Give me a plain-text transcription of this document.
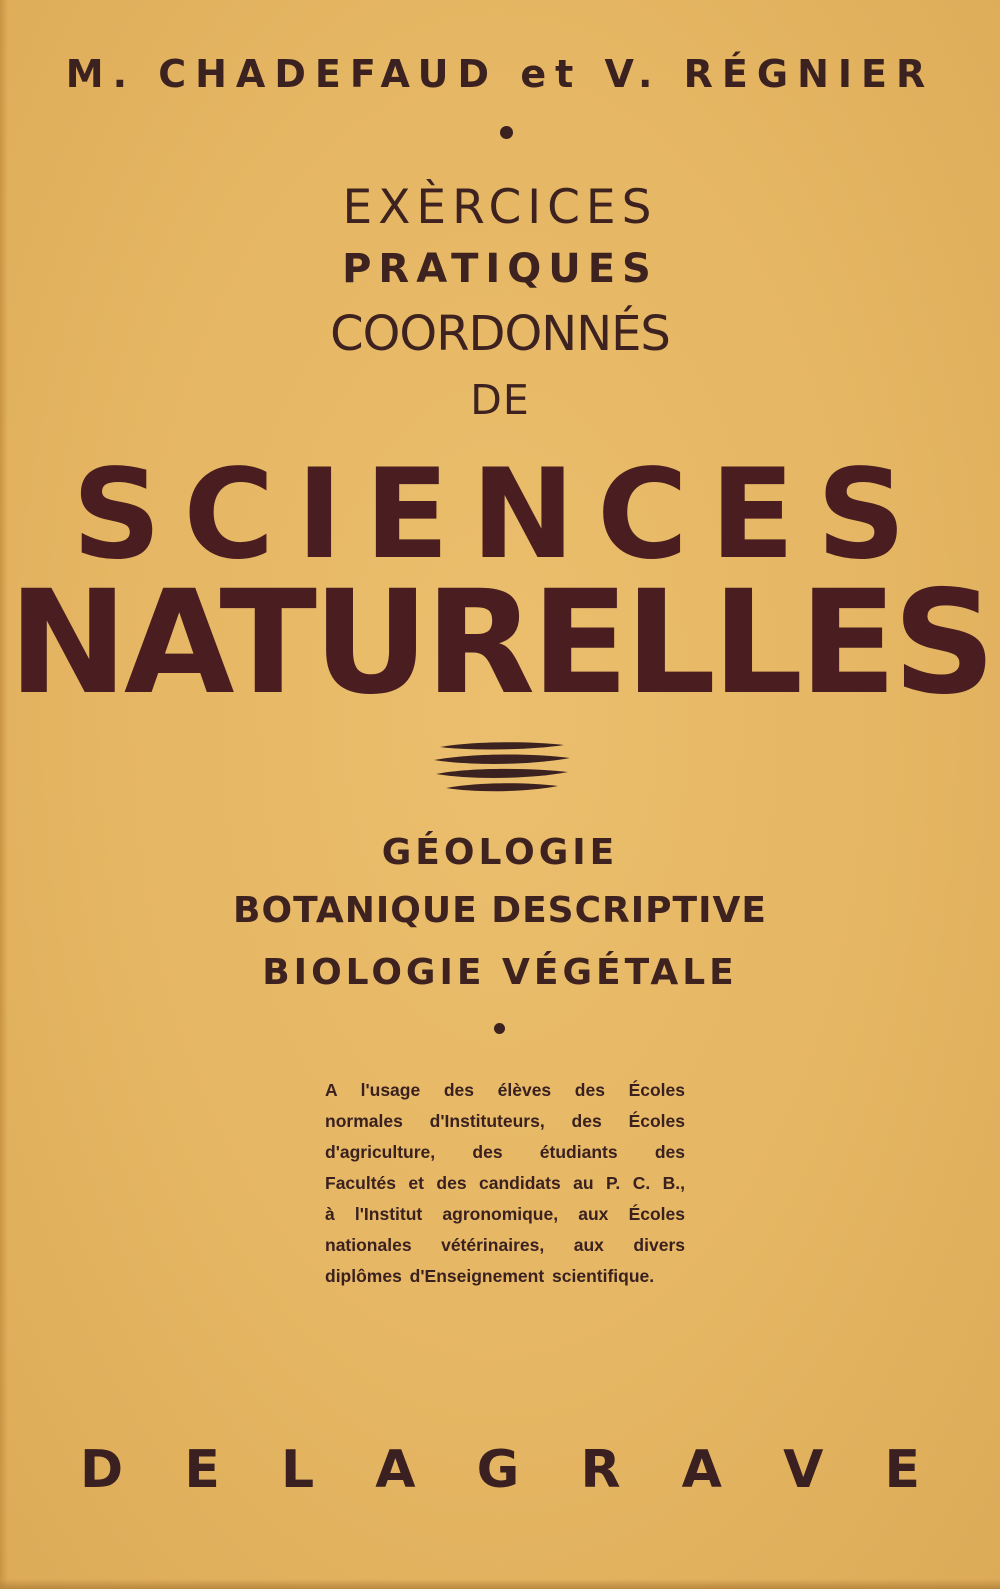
M. CHADEFAUD et V. RÉGNIER

EXÈRCICES

PRATIQUES

COORDONNÉS

DE

SCIENCES
NATURELLES

GÉOLOGIE

BOTANIQUE DESCRIPTIVE

BIOLOGIE VÉGÉTALE

A l'usage des élèves des Écoles
normales d'Instituteurs, des Écoles
d'agriculture, des étudiants des
Facultés et des candidats au P. C. B.,
à l'Institut agronomique, aux Écoles
nationales vétérinaires, aux divers
diplômes d'Enseignement scientifique.
D E L A G R A V E
